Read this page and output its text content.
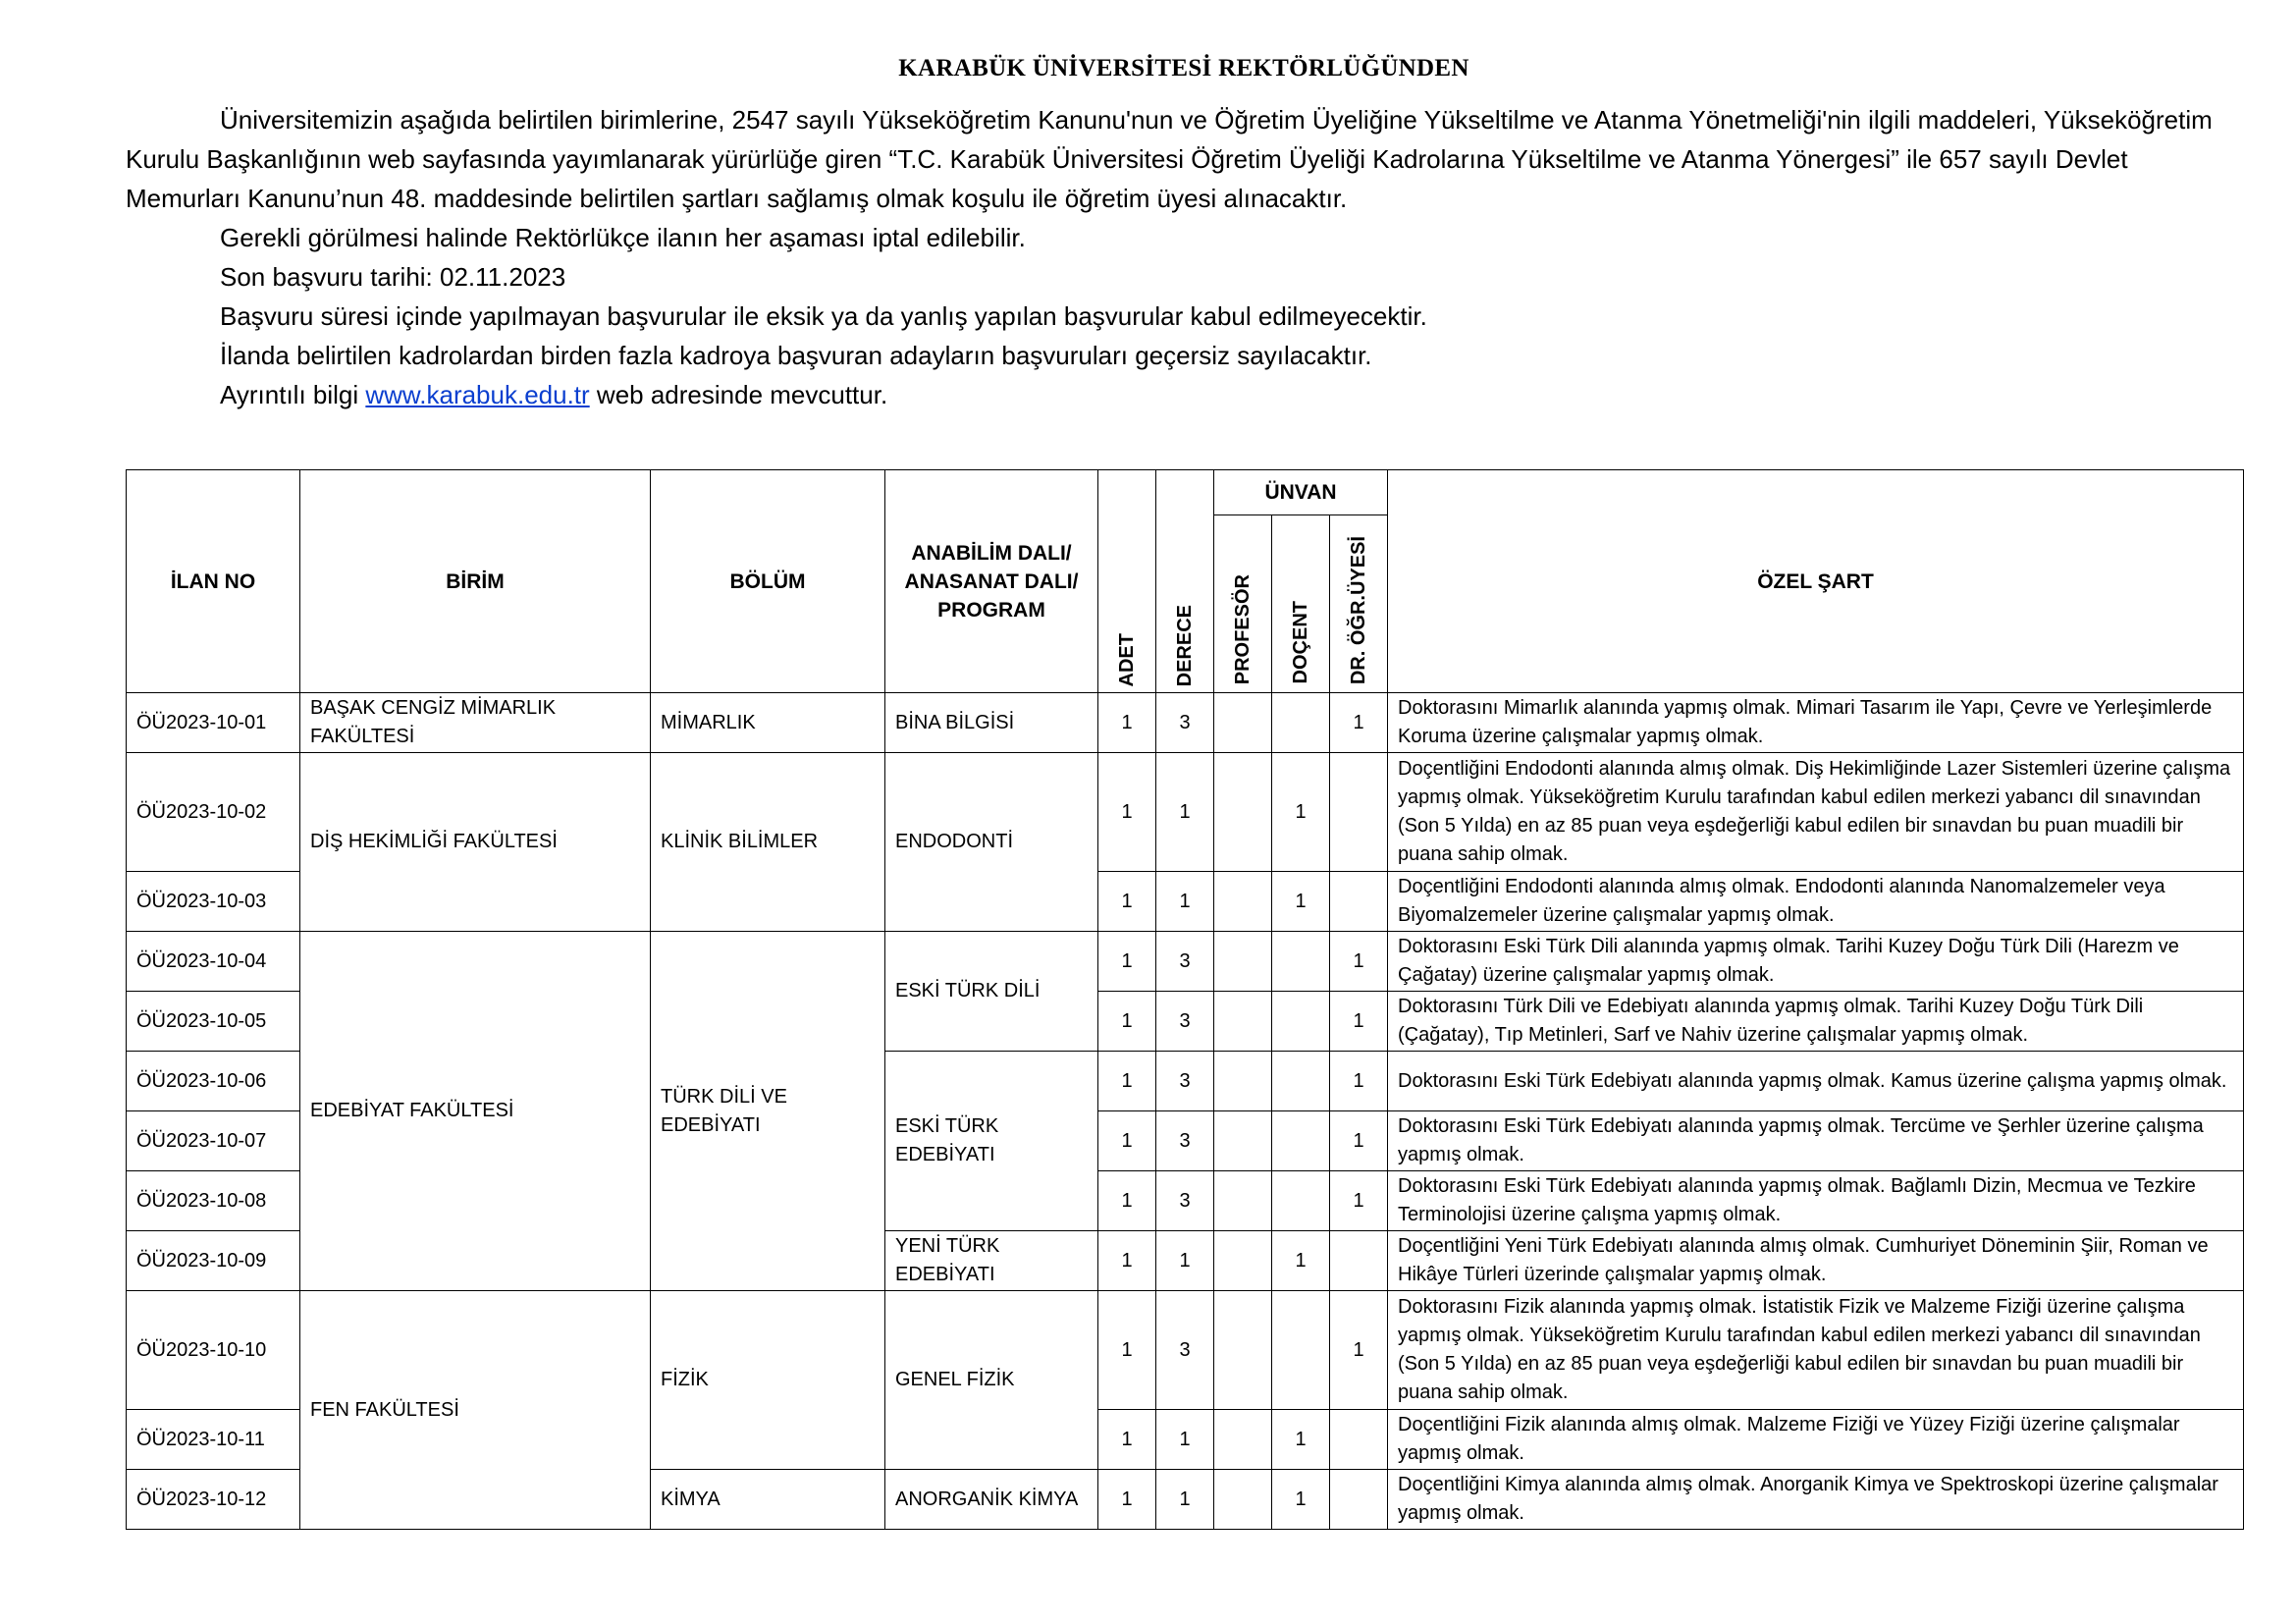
KARABÜK ÜNİVERSİTESİ REKTÖRLÜĞÜNDEN

Üniversitemizin aşağıda belirtilen birimlerine, 2547 sayılı Yükseköğretim Kanunu'nun ve Öğretim Üyeliğine Yükseltilme ve Atanma Yönetmeliği'nin ilgili maddeleri, Yükseköğretim Kurulu Başkanlığının web sayfasında yayımlanarak yürürlüğe giren “T.C. Karabük Üniversitesi Öğretim Üyeliği Kadrolarına Yükseltilme ve Atanma Yönergesi” ile 657 sayılı Devlet Memurları Kanunu’nun 48. maddesinde belirtilen şartları sağlamış olmak koşulu ile öğretim üyesi alınacaktır.

Gerekli görülmesi halinde Rektörlükçe ilanın her aşaması iptal edilebilir.

Son başvuru tarihi: 02.11.2023

Başvuru süresi içinde yapılmayan başvurular ile eksik ya da yanlış yapılan başvurular kabul edilmeyecektir.

İlanda belirtilen kadrolardan birden fazla kadroya başvuran adayların başvuruları geçersiz sayılacaktır.

Ayrıntılı bilgi www.karabuk.edu.tr web adresinde mevcuttur.

İLAN NO	BİRİM	BÖLÜM	ANABİLİM DALI/ ANASANAT DALI/ PROGRAM	ADET	DERECE	ÜNVAN			ÖZEL ŞART

						PROFESÖR	DOÇENT	DR. ÖĞR.ÜYESİ	

ÖÜ2023-10-01	BAŞAK CENGİZ MİMARLIK FAKÜLTESİ	MİMARLIK	BİNA BİLGİSİ	1	3			1	Doktorasını Mimarlık alanında yapmış olmak. Mimari Tasarım ile Yapı, Çevre ve Yerleşimlerde Koruma üzerine çalışmalar yapmış olmak.
ÖÜ2023-10-02	DİŞ HEKİMLİĞİ FAKÜLTESİ	KLİNİK BİLİMLER	ENDODONTİ	1	1		1		Doçentliğini Endodonti alanında almış olmak. Diş Hekimliğinde Lazer Sistemleri üzerine çalışma yapmış olmak. Yükseköğretim Kurulu tarafından kabul edilen merkezi yabancı dil sınavından (Son 5 Yılda) en az 85 puan veya eşdeğerliği kabul edilen bir sınavdan bu puan muadili bir puana sahip olmak.
ÖÜ2023-10-03				1	1		1		Doçentliğini Endodonti alanında almış olmak. Endodonti alanında Nanomalzemeler veya Biyomalzemeler üzerine çalışmalar yapmış olmak.
ÖÜ2023-10-04	EDEBİYAT FAKÜLTESİ	TÜRK DİLİ VE EDEBİYATI	ESKİ TÜRK DİLİ	1	3			1	Doktorasını Eski Türk Dili alanında yapmış olmak. Tarihi Kuzey Doğu Türk Dili (Harezm ve Çağatay) üzerine çalışmalar yapmış olmak.
ÖÜ2023-10-05				1	3			1	Doktorasını Türk Dili ve Edebiyatı alanında yapmış olmak. Tarihi Kuzey Doğu Türk Dili (Çağatay), Tıp Metinleri, Sarf ve Nahiv üzerine çalışmalar yapmış olmak.
ÖÜ2023-10-06			ESKİ TÜRK EDEBİYATI	1	3			1	Doktorasını Eski Türk Edebiyatı alanında yapmış olmak. Kamus üzerine çalışma yapmış olmak.
ÖÜ2023-10-07				1	3			1	Doktorasını Eski Türk Edebiyatı alanında yapmış olmak. Tercüme ve Şerhler üzerine çalışma yapmış olmak.
ÖÜ2023-10-08				1	3			1	Doktorasını Eski Türk Edebiyatı alanında yapmış olmak. Bağlamlı Dizin, Mecmua ve Tezkire Terminolojisi üzerine çalışma yapmış olmak.
ÖÜ2023-10-09			YENİ TÜRK EDEBİYATI	1	1		1		Doçentliğini Yeni Türk Edebiyatı alanında almış olmak. Cumhuriyet Döneminin Şiir, Roman ve Hikâye Türleri üzerinde çalışmalar yapmış olmak.
ÖÜ2023-10-10	FEN FAKÜLTESİ	FİZİK	GENEL FİZİK	1	3			1	Doktorasını Fizik alanında yapmış olmak. İstatistik Fizik ve Malzeme Fiziği üzerine çalışma yapmış olmak. Yükseköğretim Kurulu tarafından kabul edilen merkezi yabancı dil sınavından (Son 5 Yılda) en az 85 puan veya eşdeğerliği kabul edilen bir sınavdan bu puan muadili bir puana sahip olmak.
ÖÜ2023-10-11				1	1		1		Doçentliğini Fizik alanında almış olmak. Malzeme Fiziği ve Yüzey Fiziği üzerine çalışmalar yapmış olmak.
ÖÜ2023-10-12		KİMYA	ANORGANİK KİMYA	1	1		1		Doçentliğini Kimya alanında almış olmak. Anorganik Kimya ve Spektroskopi üzerine çalışmalar yapmış olmak.
